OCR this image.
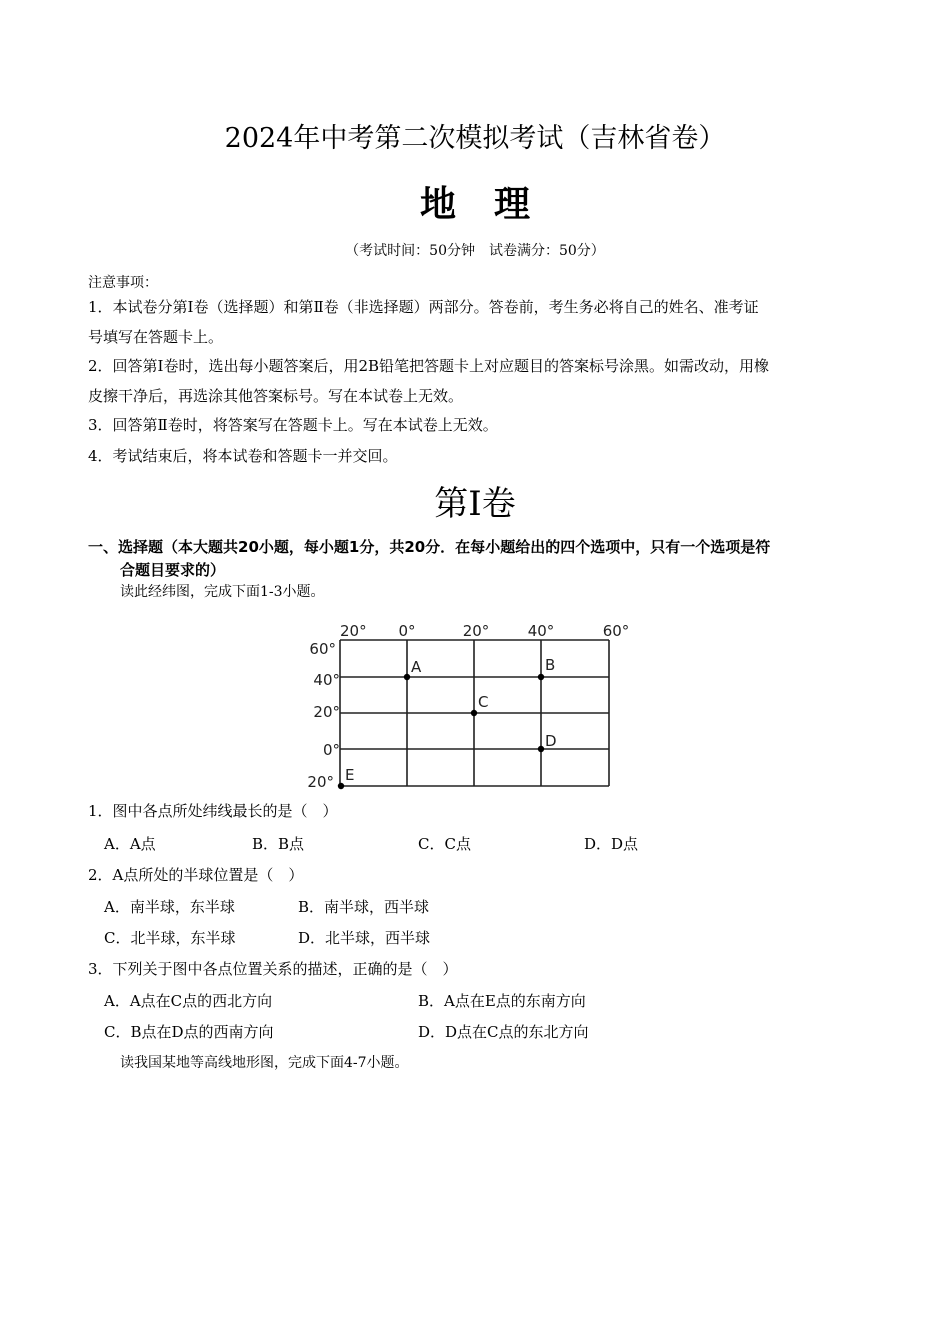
2024年中考第二次模拟考试（吉林省卷）
地理
（考试时间：50分钟　试卷满分：50分）
注意事项：
1．本试卷分第Ⅰ卷（选择题）和第Ⅱ卷（非选择题）两部分。答卷前，考生务必将自己的姓名、准考证
号填写在答题卡上。
2．回答第Ⅰ卷时，选出每小题答案后，用2B铅笔把答题卡上对应题目的答案标号涂黑。如需改动，用橡
皮擦干净后，再选涂其他答案标号。写在本试卷上无效。
3．回答第Ⅱ卷时，将答案写在答题卡上。写在本试卷上无效。
4．考试结束后，将本试卷和答题卡一并交回。
第Ⅰ卷
一、选择题（本大题共20小题，每小题1分，共20分．在每小题给出的四个选项中，只有一个选项是符
合题目要求的）
读此经纬图，完成下面1-3小题。
20° 0°	20°	40°	60°
60°
40°
20°
0°
20°
A	B
C
D
E
1．图中各点所处纬线最长的是（　）
A．A点	B．B点	C．C点	D．D点
2．A点所处的半球位置是（　）
A．南半球，东半球	B．南半球，西半球
C．北半球，东半球	D．北半球，西半球
3．下列关于图中各点位置关系的描述，正确的是（　）
A．A点在C点的西北方向	B．A点在E点的东南方向
C．B点在D点的西南方向	D．D点在C点的东北方向
读我国某地等高线地形图，完成下面4-7小题。
